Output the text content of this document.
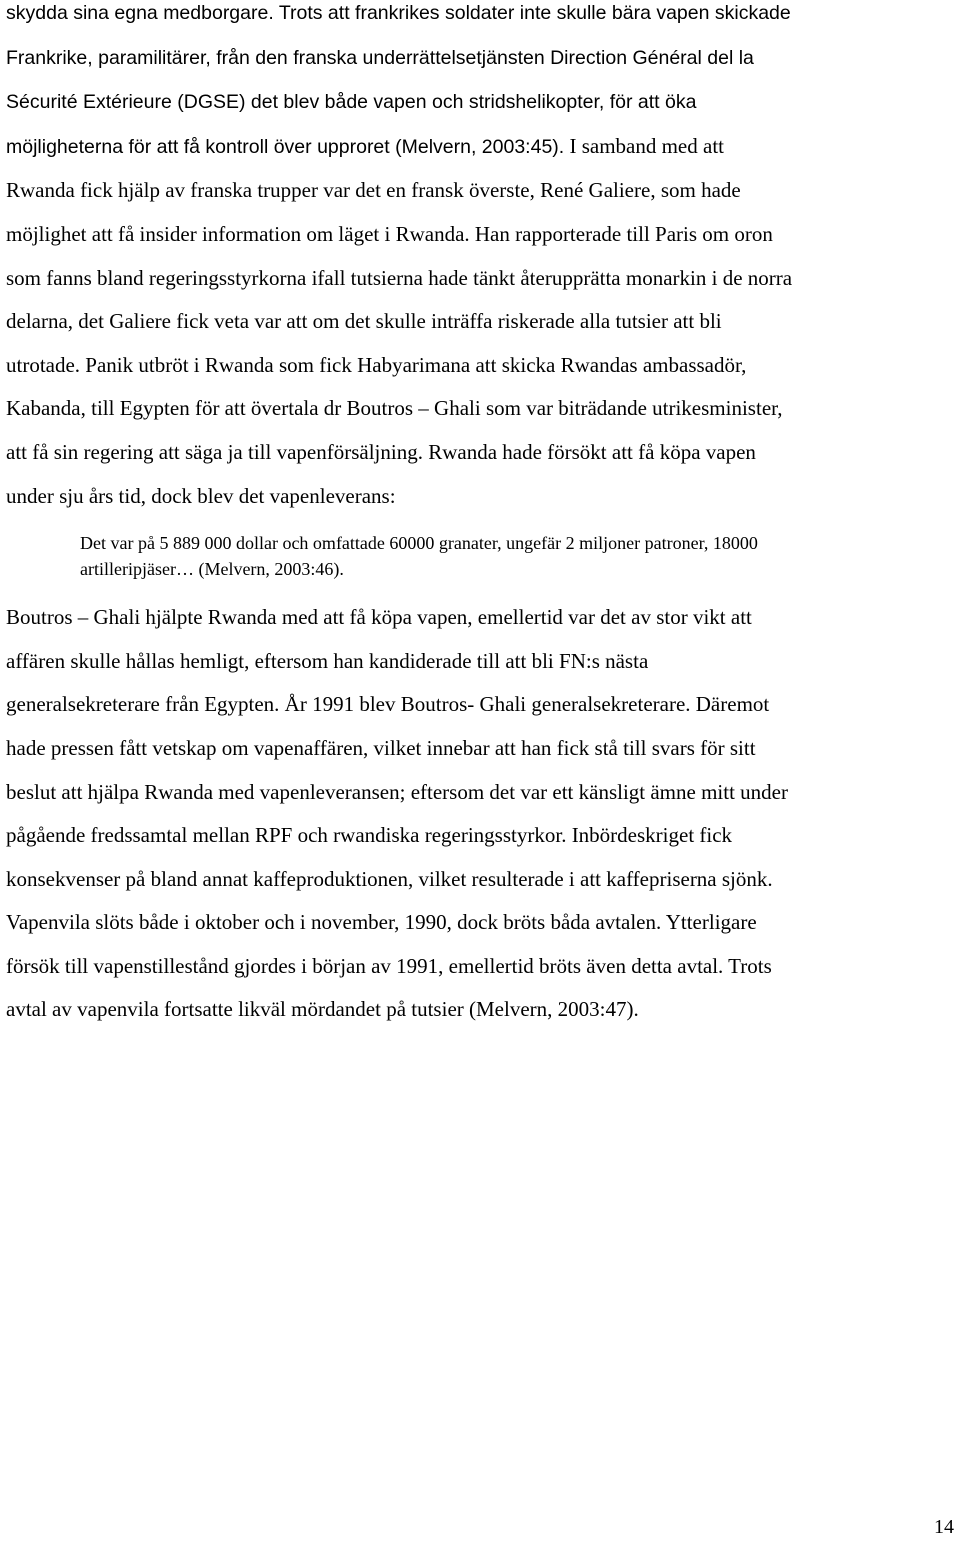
skydda sina egna medborgare. Trots att frankrikes soldater inte skulle bära vapen skickade
Frankrike, paramilitärer, från den franska underrättelsetjänsten Direction Général del la
Sécurité Extérieure (DGSE) det blev både vapen och stridshelikopter, för att öka
möjligheterna för att få kontroll över upproret (Melvern, 2003:45). I samband med att
Rwanda fick hjälp av franska trupper var det en fransk överste, René Galiere, som hade
möjlighet att få insider information om läget i Rwanda. Han rapporterade till Paris om oron
som fanns bland regeringsstyrkorna ifall tutsierna hade tänkt återupprätta monarkin i de norra
delarna, det Galiere fick veta var att om det skulle inträffa riskerade alla tutsier att bli
utrotade. Panik utbröt i Rwanda som fick Habyarimana att skicka Rwandas ambassadör,
Kabanda, till Egypten för att övertala dr Boutros – Ghali som var biträdande utrikesminister,
att få sin regering att säga ja till vapenförsäljning. Rwanda hade försökt att få köpa vapen
under sju års tid, dock blev det vapenleverans:

Det var på 5 889 000 dollar och omfattade 60000 granater, ungefär 2 miljoner patroner, 18000
artilleripjäser… (Melvern, 2003:46).

Boutros – Ghali hjälpte Rwanda med att få köpa vapen, emellertid var det av stor vikt att
affären skulle hållas hemligt, eftersom han kandiderade till att bli FN:s nästa
generalsekreterare från Egypten. År 1991 blev Boutros- Ghali generalsekreterare. Däremot
hade pressen fått vetskap om vapenaffären, vilket innebar att han fick stå till svars för sitt
beslut att hjälpa Rwanda med vapenleveransen; eftersom det var ett känsligt ämne mitt under
pågående fredssamtal mellan RPF och rwandiska regeringsstyrkor. Inbördeskriget fick
konsekvenser på bland annat kaffeproduktionen, vilket resulterade i att kaffepriserna sjönk.
Vapenvila slöts både i oktober och i november, 1990, dock bröts båda avtalen. Ytterligare
försök till vapenstillestånd gjordes i början av 1991, emellertid bröts även detta avtal. Trots
avtal av vapenvila fortsatte likväl mördandet på tutsier (Melvern, 2003:47).

14
